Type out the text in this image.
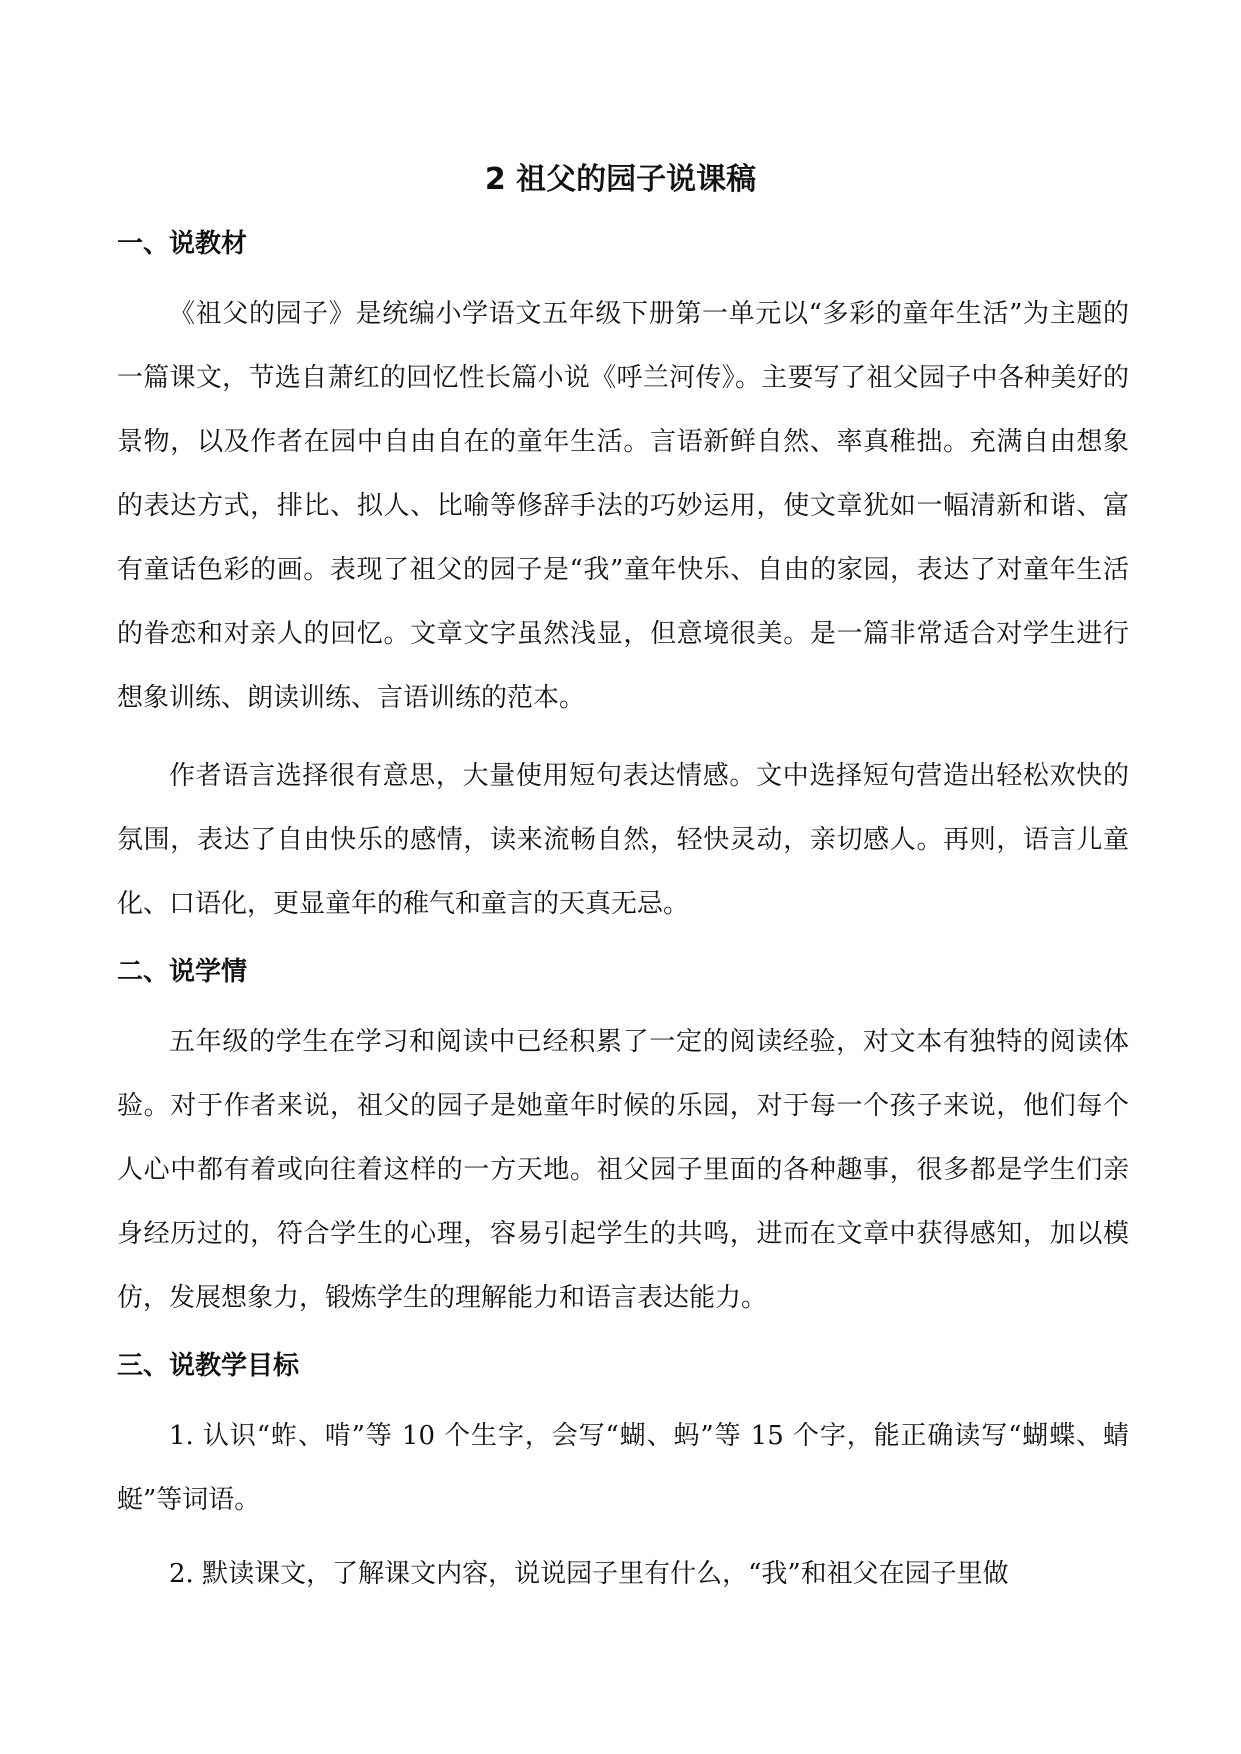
2 祖父的园子说课稿
一、说教材

《祖父的园子》是统编小学语文五年级下册第一单元以“多彩的童年生活”为主题的一篇课文，节选自萧红的回忆性长篇小说《呼兰河传》。主要写了祖父园子中各种美好的景物，以及作者在园中自由自在的童年生活。言语新鲜自然、率真稚拙。充满自由想象的表达方式，排比、拟人、比喻等修辞手法的巧妙运用，使文章犹如一幅清新和谐、富有童话色彩的画。表现了祖父的园子是“我”童年快乐、自由的家园，表达了对童年生活的眷恋和对亲人的回忆。文章文字虽然浅显，但意境很美。是一篇非常适合对学生进行想象训练、朗读训练、言语训练的范本。

作者语言选择很有意思，大量使用短句表达情感。文中选择短句营造出轻松欢快的氛围，表达了自由快乐的感情，读来流畅自然，轻快灵动，亲切感人。再则，语言儿童化、口语化，更显童年的稚气和童言的天真无忌。

二、说学情

五年级的学生在学习和阅读中已经积累了一定的阅读经验，对文本有独特的阅读体验。对于作者来说，祖父的园子是她童年时候的乐园，对于每一个孩子来说，他们每个人心中都有着或向往着这样的一方天地。祖父园子里面的各种趣事，很多都是学生们亲身经历过的，符合学生的心理，容易引起学生的共鸣，进而在文章中获得感知，加以模仿，发展想象力，锻炼学生的理解能力和语言表达能力。

三、说教学目标

1. 认识“蚱、啃”等 10 个生字，会写“蝴、蚂”等 15 个字，能正确读写“蝴蝶、蜻蜓”等词语。

2. 默读课文，了解课文内容，说说园子里有什么，“我”和祖父在园子里做
